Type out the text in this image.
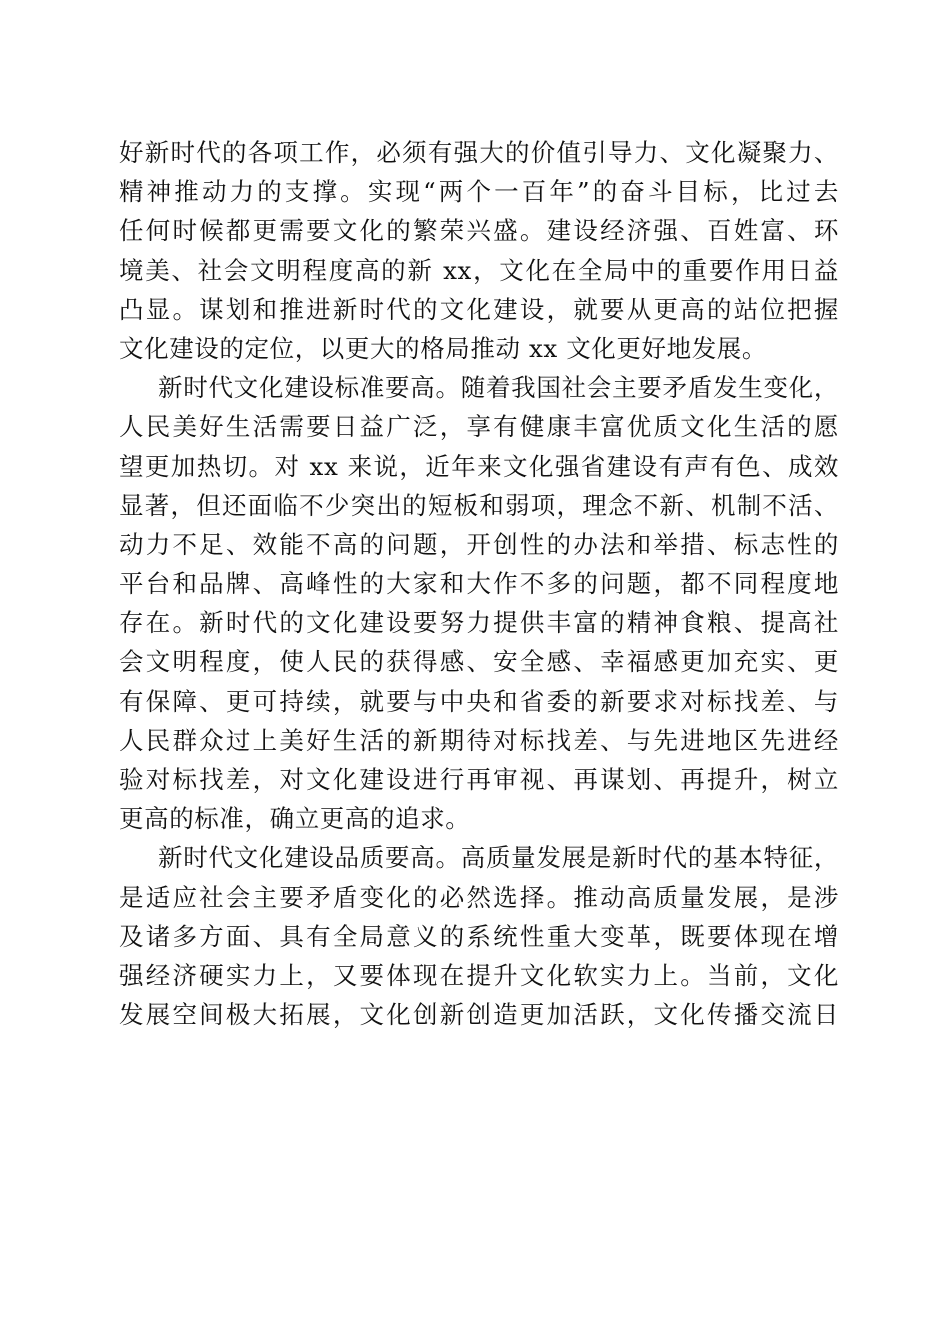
好新时代的各项工作，必须有强大的价值引导力、文化凝聚力、
精神推动力的支撑。实现“两个一百年”的奋斗目标，比过去
任何时候都更需要文化的繁荣兴盛。建设经济强、百姓富、环
境美、社会文明程度高的新 xx，文化在全局中的重要作用日益
凸显。谋划和推进新时代的文化建设，就要从更高的站位把握
文化建设的定位，以更大的格局推动 xx 文化更好地发展。
新时代文化建设标准要高。随着我国社会主要矛盾发生变化，
人民美好生活需要日益广泛，享有健康丰富优质文化生活的愿
望更加热切。对 xx 来说，近年来文化强省建设有声有色、成效
显著，但还面临不少突出的短板和弱项，理念不新、机制不活、
动力不足、效能不高的问题，开创性的办法和举措、标志性的
平台和品牌、高峰性的大家和大作不多的问题，都不同程度地
存在。新时代的文化建设要努力提供丰富的精神食粮、提高社
会文明程度，使人民的获得感、安全感、幸福感更加充实、更
有保障、更可持续，就要与中央和省委的新要求对标找差、与
人民群众过上美好生活的新期待对标找差、与先进地区先进经
验对标找差，对文化建设进行再审视、再谋划、再提升，树立
更高的标准，确立更高的追求。
新时代文化建设品质要高。高质量发展是新时代的基本特征，
是适应社会主要矛盾变化的必然选择。推动高质量发展，是涉
及诸多方面、具有全局意义的系统性重大变革，既要体现在增
强经济硬实力上，又要体现在提升文化软实力上。当前，文化
发展空间极大拓展，文化创新创造更加活跃，文化传播交流日
